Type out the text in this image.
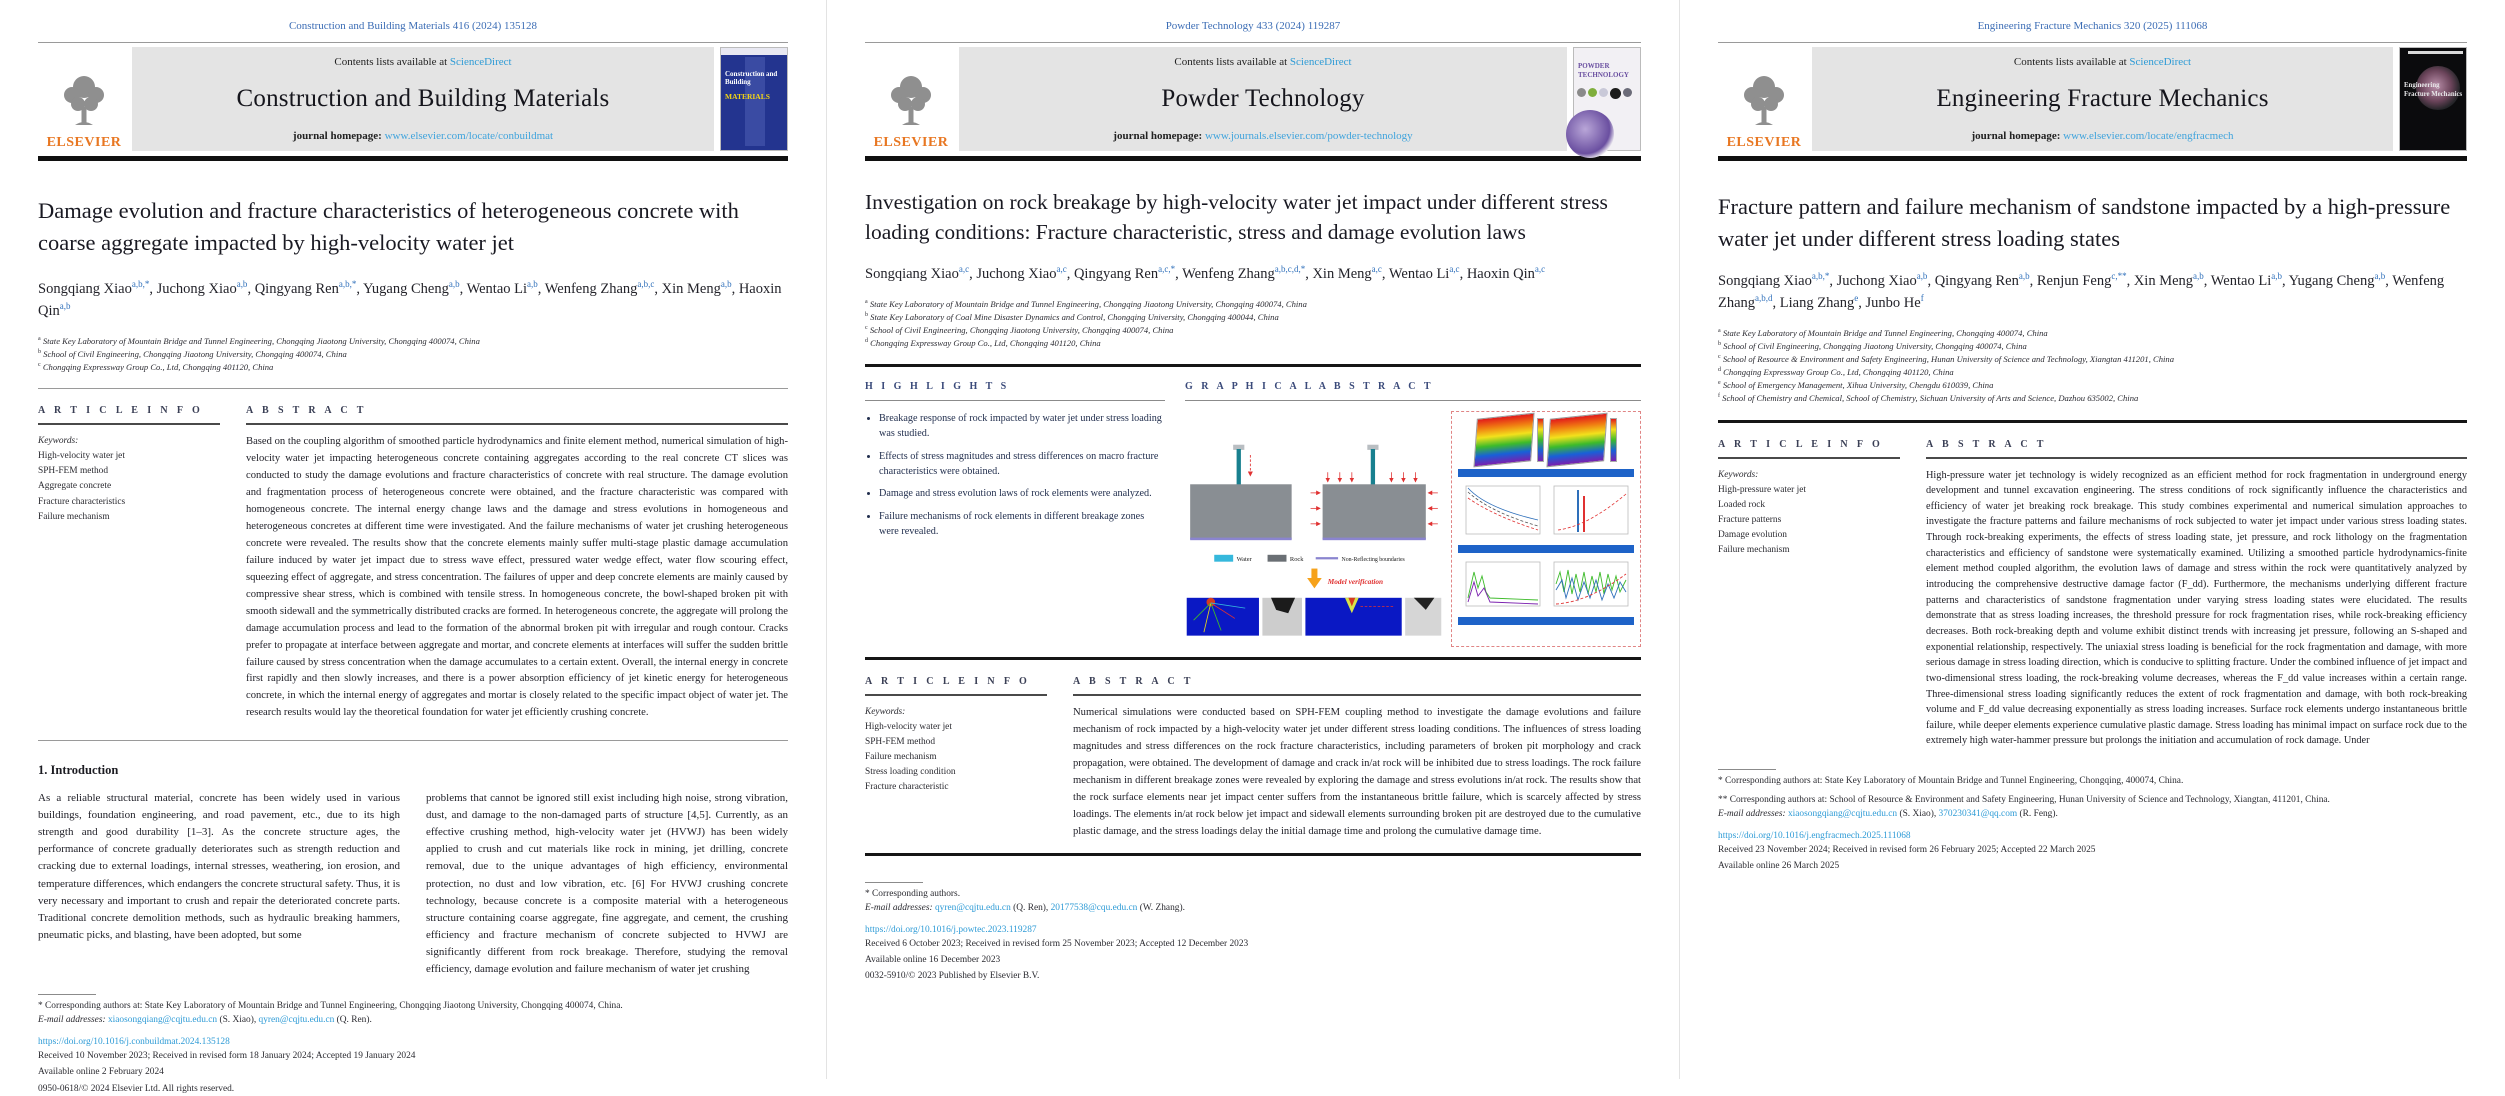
Construction and Building Materials 416 (2024) 135128
ELSEVIER
Contents lists available at ScienceDirect
Construction and Building Materials
journal homepage: www.elsevier.com/locate/conbuildmat
Construction and Building
MATERIALS
Damage evolution and fracture characteristics of heterogeneous concrete with coarse aggregate impacted by high-velocity water jet
Songqiang Xiao$^{a,b,*}$ , Juchong Xiao$^{a,b}$ , Qingyang Ren$^{a,b,*}$ , Yugang Cheng$^{a,b}$ , Wentao Li$^{a,b}$ , Wenfeng Zhang$^{a,b,c}$ , Xin Meng$^{a,b}$ , Haoxin Qin$^{a,b}$
$^a$ State Key Laboratory of Mountain Bridge and Tunnel Engineering, Chongqing Jiaotong University, Chongqing 400074, China
$^b$ School of Civil Engineering, Chongqing Jiaotong University, Chongqing 400074, China
$^c$ Chongqing Expressway Group Co., Ltd, Chongqing 401120, China
A R T I C L E I N F O
Keywords:
High-velocity water jet
SPH-FEM method
Aggregate concrete
Fracture characteristics
Failure mechanism
A B S T R A C T
Based on the coupling algorithm of smoothed particle hydrodynamics and finite element method, numerical simulation of high-velocity water jet impacting heterogeneous concrete containing aggregates according to the real concrete CT slices was conducted to study the damage evolutions and fracture characteristics of concrete with real structure. The damage evolution and fragmentation process of heterogeneous concrete were obtained, and the fracture characteristic was compared with homogeneous concrete. The internal energy change laws and the damage and stress evolutions in homogeneous and heterogeneous concretes at different time were investigated. And the failure mechanisms of water jet crushing heterogeneous concrete were revealed. The results show that the concrete elements mainly suffer multi-stage plastic damage accumulation failure induced by water jet impact due to stress wave effect, pressured water wedge effect, water flow scouring effect, squeezing effect of aggregate, and stress concentration. The failures of upper and deep concrete elements are mainly caused by compressive shear stress, which is combined with tensile stress. In homogeneous concrete, the bowl-shaped broken pit with smooth sidewall and the symmetrically distributed cracks are formed. In heterogeneous concrete, the aggregate will prolong the damage accumulation process and lead to the formation of the abnormal broken pit with irregular and rough contour. Cracks prefer to propagate at interface between aggregate and mortar, and concrete elements at interfaces will suffer the sudden brittle failure caused by stress concentration when the damage accumulates to a certain extent. Overall, the internal energy in concrete first rapidly and then slowly increases, and there is a power absorption efficiency of jet kinetic energy for heterogeneous concrete, in which the internal energy of aggregates and mortar is closely related to the specific impact object of water jet. The research results would lay the theoretical foundation for water jet efficiently crushing concrete.
1. Introduction
As a reliable structural material, concrete has been widely used in various buildings, foundation engineering, and road pavement, etc., due to its high strength and good durability [1–3]. As the concrete structure ages, the performance of concrete gradually deteriorates such as strength reduction and cracking due to external loadings, internal stresses, weathering, ion erosion, and temperature differences, which endangers the concrete structural safety. Thus, it is very necessary and important to crush and repair the deteriorated concrete parts. Traditional concrete demolition methods, such as hydraulic breaking hammers, pneumatic picks, and blasting, have been adopted, but some
problems that cannot be ignored still exist including high noise, strong vibration, dust, and damage to the non-damaged parts of structure [4,5]. Currently, as an effective crushing method, high-velocity water jet (HVWJ) has been widely applied to crush and cut materials like rock in mining, jet drilling, concrete removal, due to the unique advantages of high efficiency, environmental protection, no dust and low vibration, etc. [6] For HVWJ crushing concrete technology, because concrete is a composite material with a heterogeneous structure containing coarse aggregate, fine aggregate, and cement, the crushing efficiency and fracture mechanism of concrete subjected to HVWJ are significantly different from rock breakage. Therefore, studying the removal efficiency, damage evolution and failure mechanism of water jet crushing
* Corresponding authors at: State Key Laboratory of Mountain Bridge and Tunnel Engineering, Chongqing Jiaotong University, Chongqing 400074, China.
E-mail addresses: xiaosongqiang@cqjtu.edu.cn (S. Xiao), qyren@cqjtu.edu.cn (Q. Ren).
https://doi.org/10.1016/j.conbuildmat.2024.135128
Received 10 November 2023; Received in revised form 18 January 2024; Accepted 19 January 2024
Available online 2 February 2024
0950-0618/© 2024 Elsevier Ltd. All rights reserved.
Powder Technology 433 (2024) 119287
ELSEVIER
Contents lists available at ScienceDirect
Powder Technology
journal homepage: www.journals.elsevier.com/powder-technology
POWDER
TECHNOLOGY
Investigation on rock breakage by high-velocity water jet impact under different stress loading conditions: Fracture characteristic, stress and damage evolution laws
Songqiang Xiao$^{a,c}$ , Juchong Xiao$^{a,c}$ , Qingyang Ren$^{a,c,*}$ , Wenfeng Zhang$^{a,b,c,d,*}$ , Xin Meng$^{a,c}$ , Wentao Li$^{a,c}$ , Haoxin Qin$^{a,c}$
$^a$ State Key Laboratory of Mountain Bridge and Tunnel Engineering, Chongqing Jiaotong University, Chongqing 400074, China
$^b$ State Key Laboratory of Coal Mine Disaster Dynamics and Control, Chongqing University, Chongqing 400044, China
$^c$ School of Civil Engineering, Chongqing Jiaotong University, Chongqing 400074, China
$^d$ Chongqing Expressway Group Co., Ltd, Chongqing 401120, China
H I G H L I G H T S
• Breakage response of rock impacted by water jet under stress loading was studied.
• Effects of stress magnitudes and stress differences on macro fracture characteristics were obtained.
• Damage and stress evolution laws of rock elements were analyzed.
• Failure mechanisms of rock elements in different breakage zones were revealed.
G R A P H I C A L A B S T R A C T
Water	Rock	Non-Reflecting boundaries
Model verification
A R T I C L E I N F O
Keywords:
High-velocity water jet
SPH-FEM method
Failure mechanism
Stress loading condition
Fracture characteristic
A B S T R A C T
Numerical simulations were conducted based on SPH-FEM coupling method to investigate the damage evolutions and failure mechanism of rock impacted by a high-velocity water jet under different stress loading conditions. The influences of stress loading magnitudes and stress differences on the rock fracture characteristics, including parameters of broken pit morphology and crack propagation, were obtained. The development of damage and crack in/at rock will be inhibited due to stress loadings. The rock failure mechanism in different breakage zones were revealed by exploring the damage and stress evolutions in/at rock. The results show that the rock surface elements near jet impact center suffers from the instantaneous brittle failure, which is scarcely affected by stress loadings. The elements in/at rock below jet impact and sidewall elements surrounding broken pit are destroyed due to the cumulative plastic damage, and the stress loadings delay the initial damage time and prolong the cumulative damage time.
* Corresponding authors.
E-mail addresses: qyren@cqjtu.edu.cn (Q. Ren), 20177538@cqu.edu.cn (W. Zhang).
https://doi.org/10.1016/j.powtec.2023.119287
Received 6 October 2023; Received in revised form 25 November 2023; Accepted 12 December 2023
Available online 16 December 2023
0032-5910/© 2023 Published by Elsevier B.V.
Engineering Fracture Mechanics 320 (2025) 111068
ELSEVIER
Contents lists available at ScienceDirect
Engineering Fracture Mechanics
journal homepage: www.elsevier.com/locate/engfracmech
Engineering
Fracture Mechanics
Fracture pattern and failure mechanism of sandstone impacted by a high-pressure water jet under different stress loading states
Songqiang Xiao$^{a,b,*}$ , Juchong Xiao$^{a,b}$ , Qingyang Ren$^{a,b}$ , Renjun Feng$^{c,**}$ , Xin Meng$^{a,b}$ , Wentao Li$^{a,b}$ , Yugang Cheng$^{a,b}$ , Wenfeng Zhang$^{a,b,d}$ , Liang Zhang$^e$ , Junbo He$^f$
$^a$ State Key Laboratory of Mountain Bridge and Tunnel Engineering, Chongqing 400074, China
$^b$ School of Civil Engineering, Chongqing Jiaotong University, Chongqing 400074, China
$^c$ School of Resource & Environment and Safety Engineering, Hunan University of Science and Technology, Xiangtan 411201, China
$^d$ Chongqing Expressway Group Co., Ltd, Chongqing 401120, China
$^e$ School of Emergency Management, Xihua University, Chengdu 610039, China
$^f$ School of Chemistry and Chemical, School of Chemistry, Sichuan University of Arts and Science, Dazhou 635002, China
A R T I C L E I N F O
Keywords:
High-pressure water jet
Loaded rock
Fracture patterns
Damage evolution
Failure mechanism
A B S T R A C T
High-pressure water jet technology is widely recognized as an efficient method for rock fragmentation in underground energy development and tunnel excavation engineering. The stress conditions of rock significantly influence the characteristics and efficiency of water jet breaking rock breakage. This study combines experimental and numerical simulation approaches to investigate the fracture patterns and failure mechanisms of rock subjected to water jet impact under various stress loading states. Through rock-breaking experiments, the effects of stress loading state, jet pressure, and rock lithology on the fragmentation characteristics and efficiency of sandstone were systematically examined. Utilizing a smoothed particle hydrodynamics-finite element method coupled algorithm, the evolution laws of damage and stress within the rock were quantitatively analyzed by introducing the comprehensive destructive damage factor (F_dd). Furthermore, the mechanisms underlying different fracture patterns and characteristics of sandstone fragmentation under varying stress loading states were elucidated. The results demonstrate that as stress loading increases, the threshold pressure for rock fragmentation rises, while rock-breaking efficiency decreases. Both rock-breaking depth and volume exhibit distinct trends with increasing jet pressure, following an S-shaped and exponential relationship, respectively. The uniaxial stress loading is beneficial for the rock fragmentation and damage, with more serious damage in stress loading direction, which is conducive to splitting fracture. Under the combined influence of jet impact and two-dimensional stress loading, the rock-breaking volume decreases, whereas the F_dd value increases within a certain range. Three-dimensional stress loading significantly reduces the extent of rock fragmentation and damage, with both rock-breaking volume and F_dd value decreasing exponentially as stress loading increases. Surface rock elements undergo instantaneous brittle failure, while deeper elements experience cumulative plastic damage. Stress loading has minimal impact on surface rock due to the extremely high water-hammer pressure but prolongs the initiation and accumulation of rock damage. Under
* Corresponding authors at: State Key Laboratory of Mountain Bridge and Tunnel Engineering, Chongqing, 400074, China.
** Corresponding authors at: School of Resource & Environment and Safety Engineering, Hunan University of Science and Technology, Xiangtan, 411201, China.
E-mail addresses: xiaosongqiang@cqjtu.edu.cn (S. Xiao), 370230341@qq.com (R. Feng).
https://doi.org/10.1016/j.engfracmech.2025.111068
Received 23 November 2024; Received in revised form 26 February 2025; Accepted 22 March 2025
Available online 26 March 2025
